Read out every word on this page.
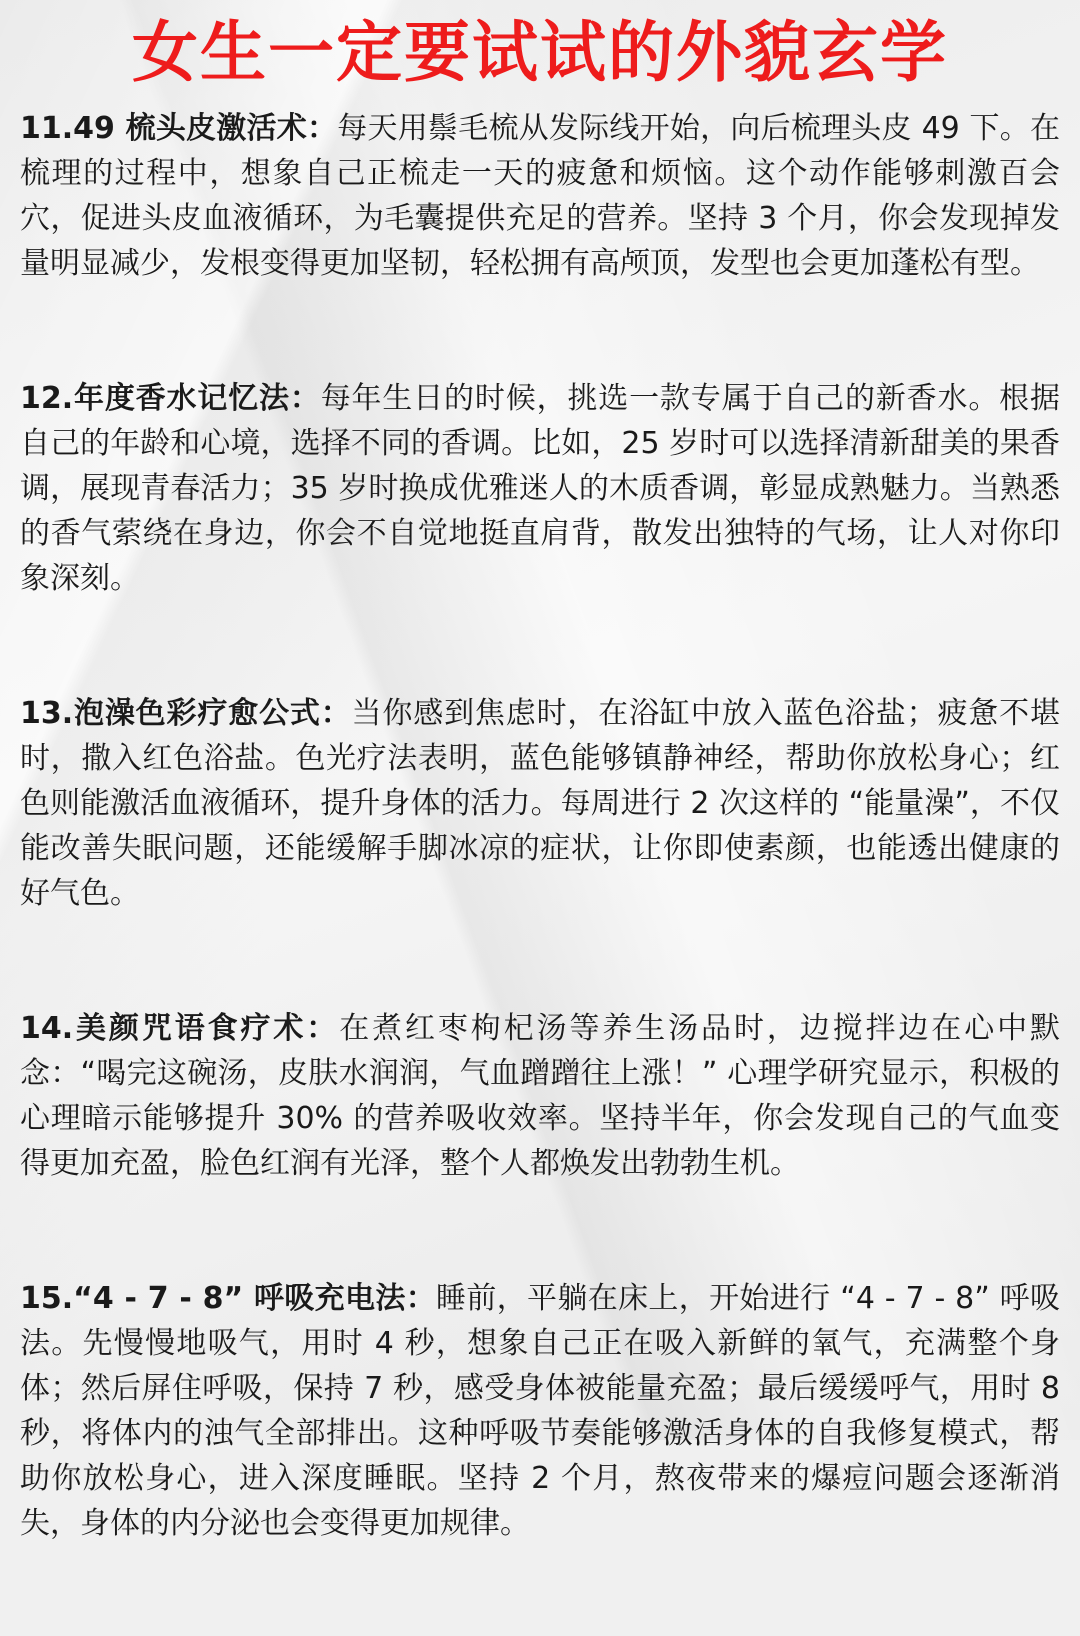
女生一定要试试的外貌玄学

11.49 梳头皮激活术：每天用鬃毛梳从发际线开始，向后梳理头皮 49 下。在梳理的过程中，想象自己正梳走一天的疲惫和烦恼。这个动作能够刺激百会穴，促进头皮血液循环，为毛囊提供充足的营养。坚持 3 个月，你会发现掉发量明显减少，发根变得更加坚韧，轻松拥有高颅顶，发型也会更加蓬松有型。

12.年度香水记忆法：每年生日的时候，挑选一款专属于自己的新香水。根据自己的年龄和心境，选择不同的香调。比如，25 岁时可以选择清新甜美的果香调，展现青春活力；35 岁时换成优雅迷人的木质香调，彰显成熟魅力。当熟悉的香气萦绕在身边，你会不自觉地挺直肩背，散发出独特的气场，让人对你印象深刻。

13.泡澡色彩疗愈公式：当你感到焦虑时，在浴缸中放入蓝色浴盐；疲惫不堪时，撒入红色浴盐。色光疗法表明，蓝色能够镇静神经，帮助你放松身心；红色则能激活血液循环，提升身体的活力。每周进行 2 次这样的 “能量澡”，不仅能改善失眠问题，还能缓解手脚冰凉的症状，让你即使素颜，也能透出健康的好气色。

14.美颜咒语食疗术：在煮红枣枸杞汤等养生汤品时，边搅拌边在心中默念：“喝完这碗汤，皮肤水润润，气血蹭蹭往上涨！” 心理学研究显示，积极的心理暗示能够提升 30% 的营养吸收效率。坚持半年，你会发现自己的气血变得更加充盈，脸色红润有光泽，整个人都焕发出勃勃生机。

15.“4 - 7 - 8” 呼吸充电法：睡前，平躺在床上，开始进行 “4 - 7 - 8” 呼吸法。先慢慢地吸气，用时 4 秒，想象自己正在吸入新鲜的氧气，充满整个身体；然后屏住呼吸，保持 7 秒，感受身体被能量充盈；最后缓缓呼气，用时 8 秒，将体内的浊气全部排出。这种呼吸节奏能够激活身体的自我修复模式，帮助你放松身心，进入深度睡眠。坚持 2 个月，熬夜带来的爆痘问题会逐渐消失，身体的内分泌也会变得更加规律。
